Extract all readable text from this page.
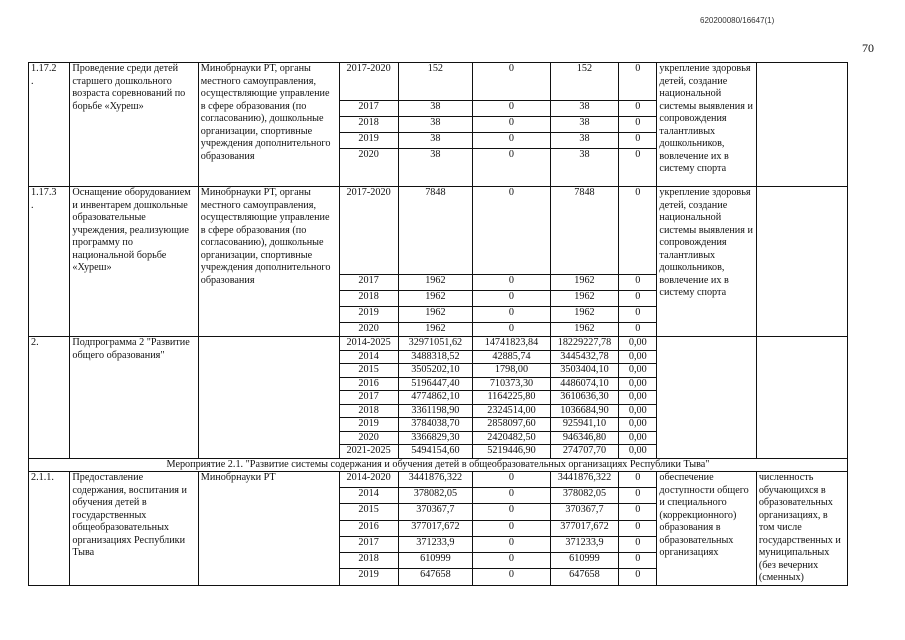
620200080/16647(1)
70
1.17.2
.	Проведение среди детей старшего дошкольного возраста соревнований по борьбе «Хуреш»	Минобрнауки РТ, органы местного самоуправления, осуществляющие управление в сфере образования (по согласованию), дошкольные организации, спортивные учреждения дополнительного образования	2017-2020	152	0	152	0	укрепление здоровья детей, создание национальной системы выявления и сопровождения талантливых дошкольников, вовлечение их в систему спорта	
			2017	38	0	38	0		
			2018	38	0	38	0		
			2019	38	0	38	0		
			2020	38	0	38	0		
1.17.3
.	Оснащение оборудованием и инвентарем дошкольные образовательные учреждения, реализующие программу по национальной борьбе «Хуреш»	Минобрнауки РТ, органы местного самоуправления, осуществляющие управление в сфере образования (по согласованию), дошкольные организации, спортивные учреждения дополнительного образования	2017-2020	7848	0	7848	0	укрепление здоровья детей, создание национальной системы выявления и сопровождения талантливых дошкольников, вовлечение их в систему спорта	
			2017	1962	0	1962	0		
			2018	1962	0	1962	0		
			2019	1962	0	1962	0		
			2020	1962	0	1962	0		
2.	Подпрограмма 2 "Развитие общего образования"		2014-2025	32971051,62	14741823,84	18229227,78	0,00		
			2014	3488318,52	42885,74	3445432,78	0,00		
			2015	3505202,10	1798,00	3503404,10	0,00		
			2016	5196447,40	710373,30	4486074,10	0,00		
			2017	4774862,10	1164225,80	3610636,30	0,00		
			2018	3361198,90	2324514,00	1036684,90	0,00		
			2019	3784038,70	2858097,60	925941,10	0,00		
			2020	3366829,30	2420482,50	946346,80	0,00		
			2021-2025	5494154,60	5219446,90	274707,70	0,00		
Мероприятие 2.1. "Развитие системы содержания и обучения детей в общеобразовательных организациях Республики Тыва"									
2.1.1.	Предоставление содержания, воспитания и обучения детей в государственных общеобразовательных организациях Республики Тыва	Минобрнауки РТ	2014-2020	3441876,322	0	3441876,322	0	обеспечение доступности общего и специального (коррекционного) образования в образовательных организациях	численность обучающихся в образовательных организациях, в том числе государственных и муниципальных (без вечерних (сменных)
			2014	378082,05	0	378082,05	0		
			2015	370367,7	0	370367,7	0		
			2016	377017,672	0	377017,672	0		
			2017	371233,9	0	371233,9	0		
			2018	610999	0	610999	0		
			2019	647658	0	647658	0		
